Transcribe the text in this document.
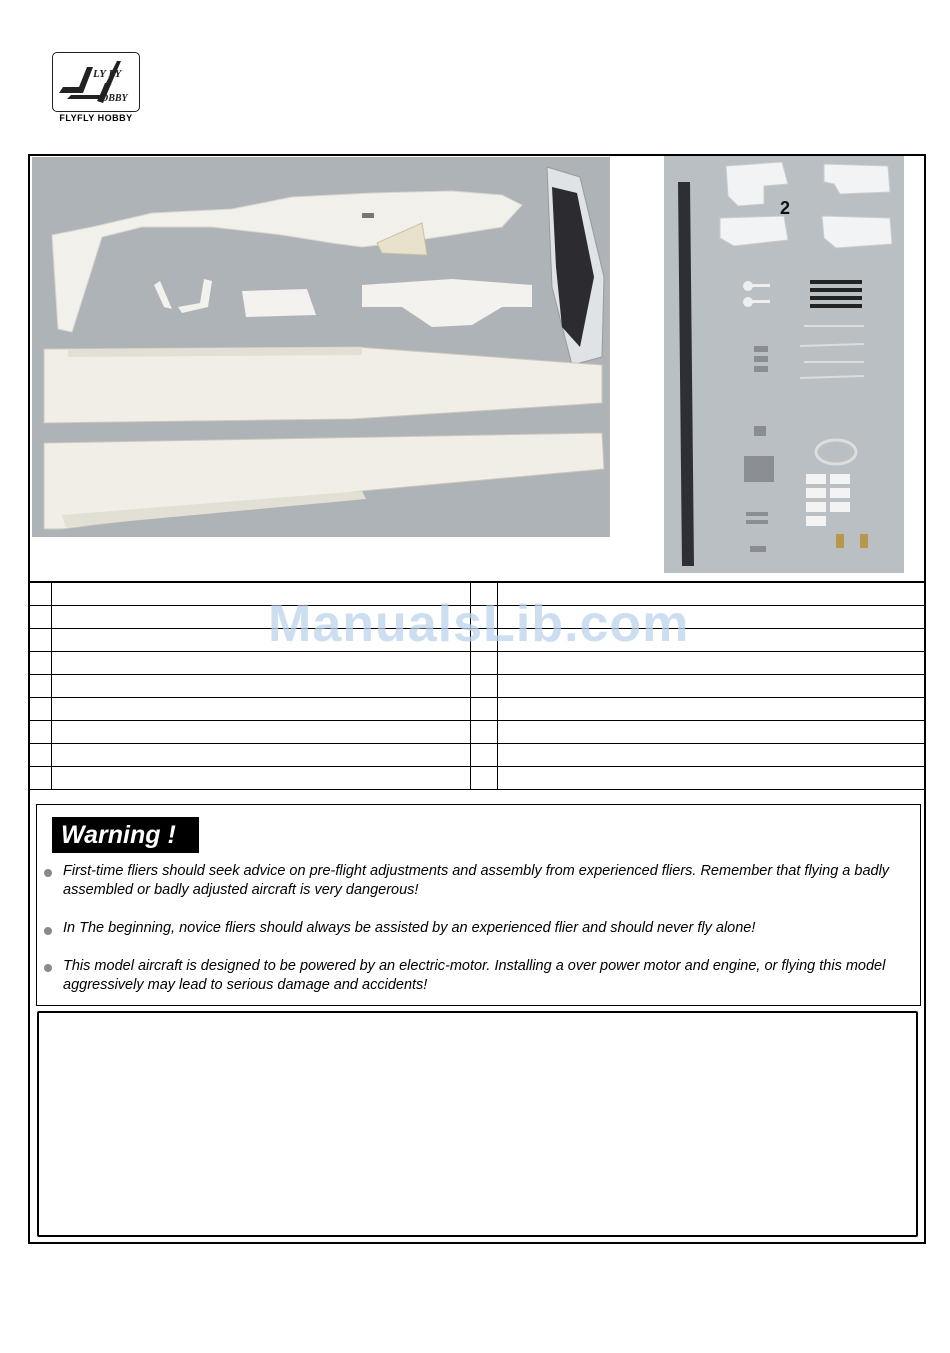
LY LY
OBBY
FLYFLY HOBBY
2

ManualsLib.com
Warning !
First-time fliers should seek advice on pre-flight adjustments and assembly from experienced fliers. Remember that flying a badly assembled or badly adjusted aircraft is very dangerous!
In The beginning, novice fliers should always be assisted by an experienced flier and should never fly alone!
This model aircraft is designed to be powered by an electric-motor. Installing a over power motor and engine, or flying this model aggressively may lead to serious damage and accidents!
